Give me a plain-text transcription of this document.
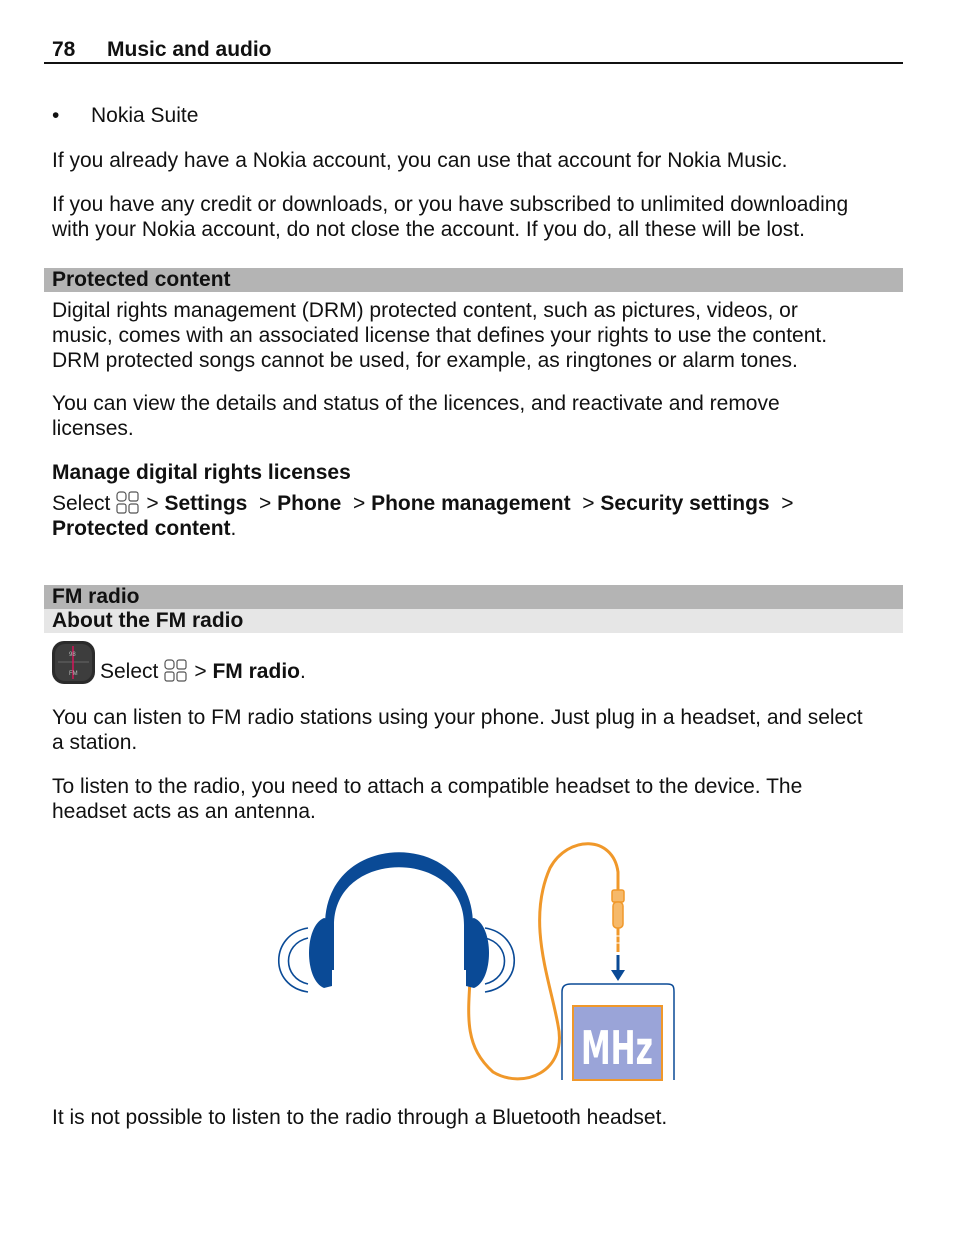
78 Music and audio
• Nokia Suite

If you already have a Nokia account, you can use that account for Nokia Music.

If you have any credit or downloads, or you have subscribed to unlimited downloading
with your Nokia account, do not close the account. If you do, all these will be lost.
Protected content
Digital rights management (DRM) protected content, such as pictures, videos, or
music, comes with an associated license that defines your rights to use the content.
DRM protected songs cannot be used, for example, as ringtones or alarm tones.
You can view the details and status of the licences, and reactivate and remove
licenses.
Manage digital rights licenses
Select > Settings > Phone > Phone management > Security settings >
Protected content.
FM radio
About the FM radio
98
FM Select > FM radio.
You can listen to FM radio stations using your phone. Just plug in a headset, and select
a station.
To listen to the radio, you need to attach a compatible headset to the device. The
headset acts as an antenna.
MHz

It is not possible to listen to the radio through a Bluetooth headset.
